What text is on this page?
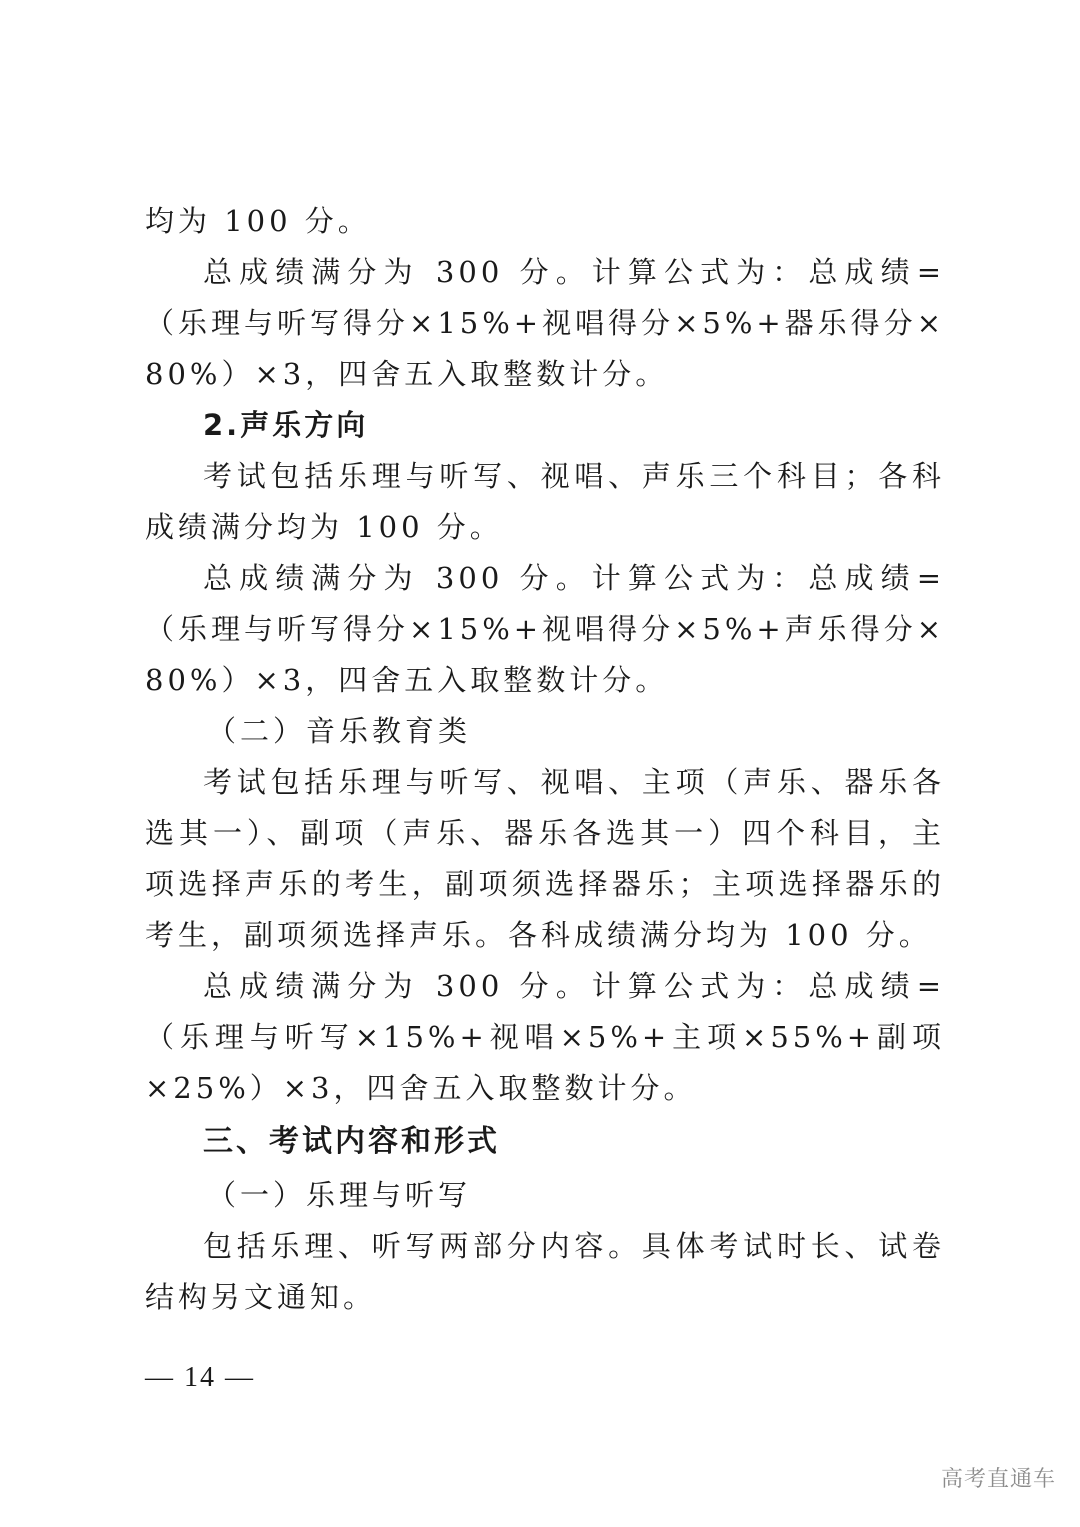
均为 100 分。

总成绩满分为 300 分。计算公式为：总成绩=（乐理与听写得分×15%+视唱得分×5%+器乐得分×80%）×3，四舍五入取整数计分。

2.声乐方向

考试包括乐理与听写、视唱、声乐三个科目；各科成绩满分均为 100 分。

总成绩满分为 300 分。计算公式为：总成绩=（乐理与听写得分×15%+视唱得分×5%+声乐得分×80%）×3，四舍五入取整数计分。

（二）音乐教育类

考试包括乐理与听写、视唱、主项（声乐、器乐各选其一）、副项（声乐、器乐各选其一）四个科目，主项选择声乐的考生，副项须选择器乐；主项选择器乐的考生，副项须选择声乐。各科成绩满分均为 100 分。

总成绩满分为 300 分。计算公式为：总成绩=（乐理与听写×15%+视唱×5%+主项×55%+副项×25%）×3，四舍五入取整数计分。

三、考试内容和形式

（一）乐理与听写

包括乐理、听写两部分内容。具体考试时长、试卷结构另文通知。

— 14 —
高考直通车
